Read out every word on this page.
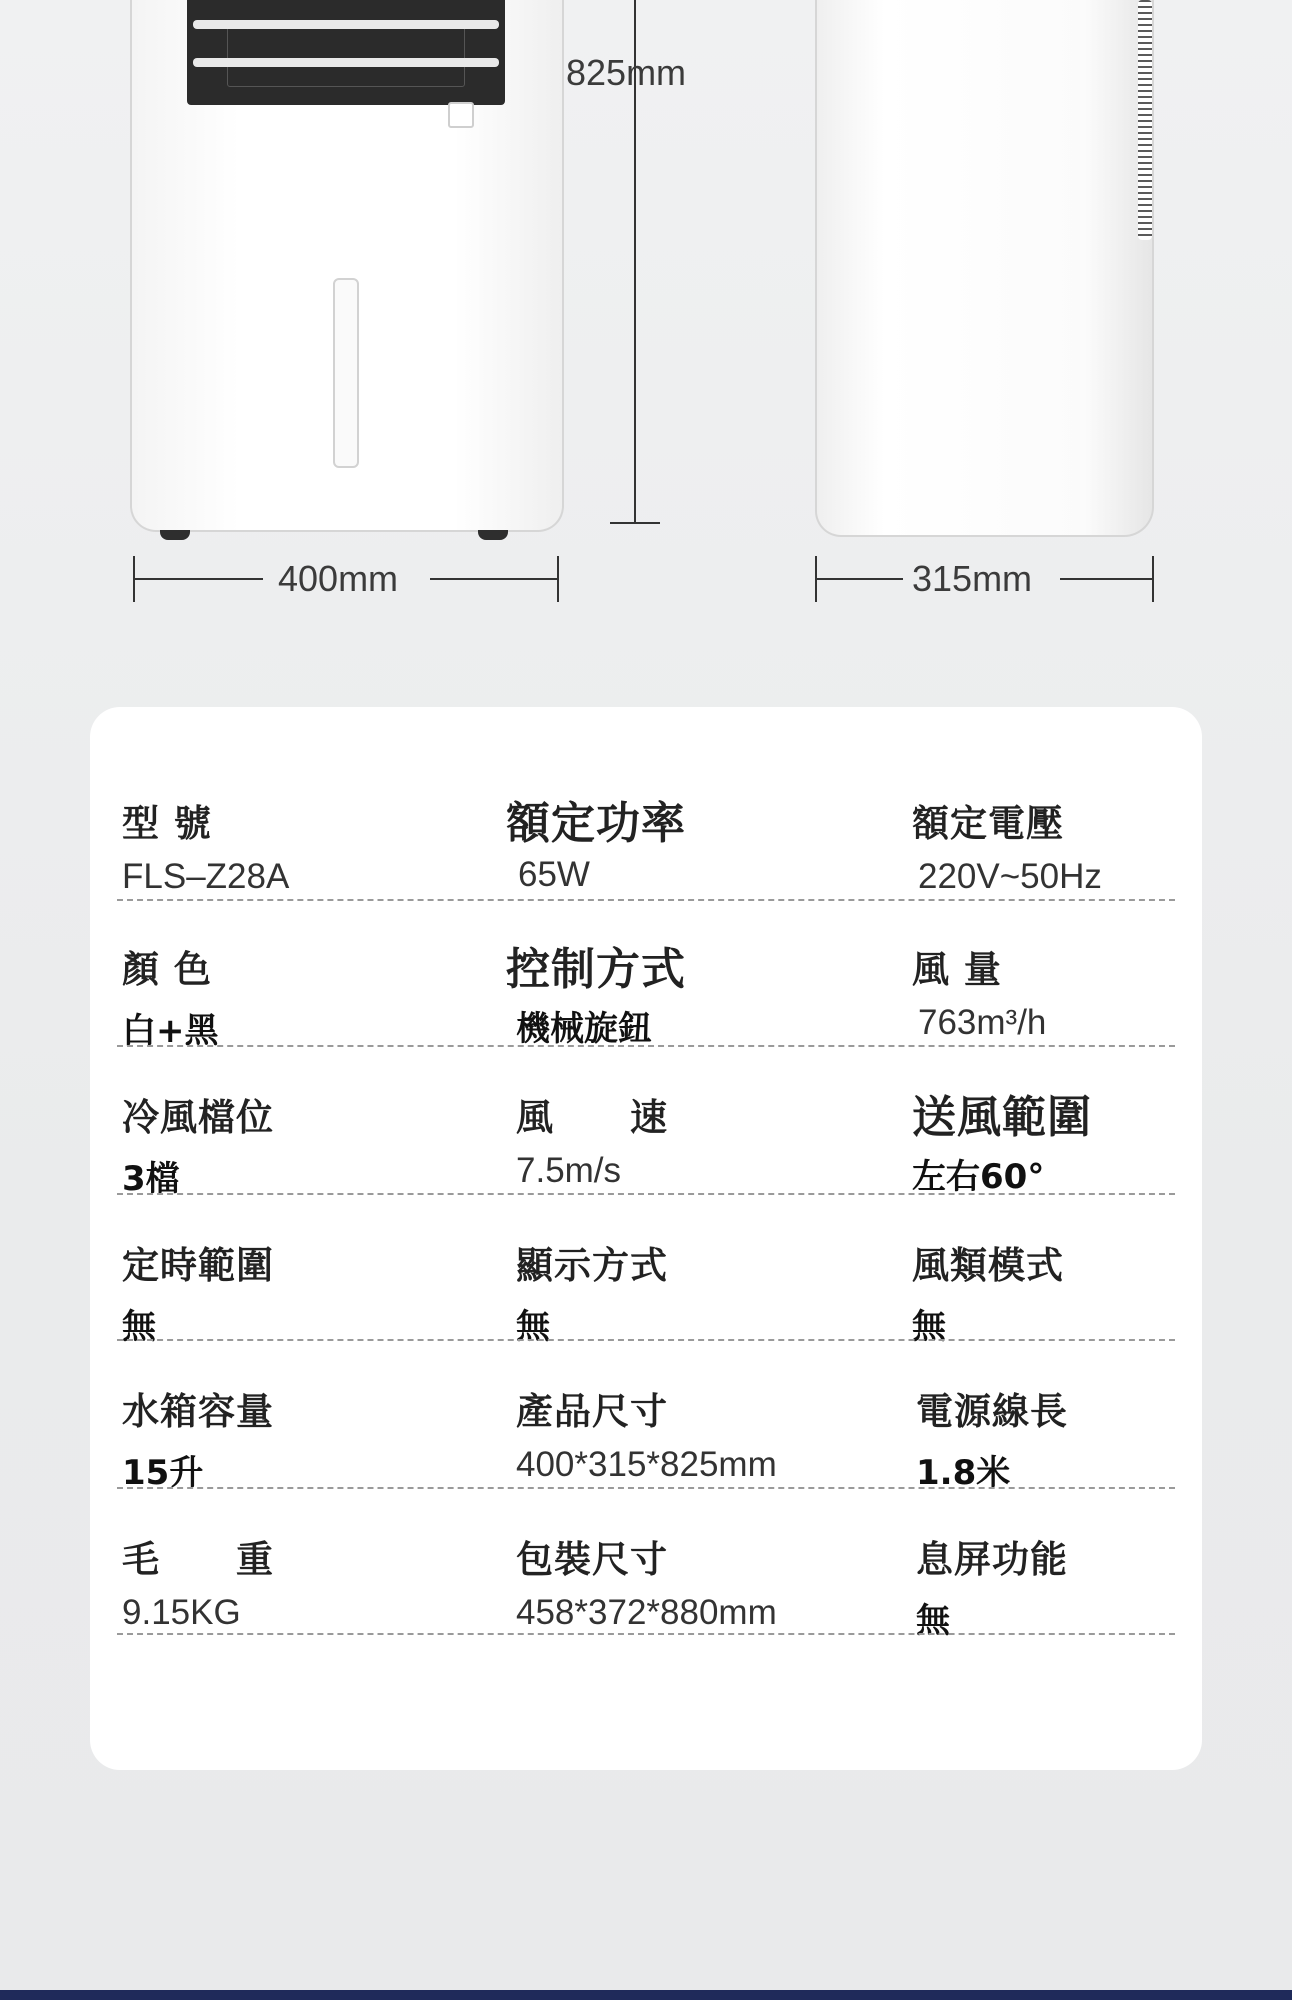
825mm
400mm	315mm
型 號
FLS–Z28A
額定功率
65W
額定電壓
220V~50Hz
顏 色
白+黑
控制方式
機械旋鈕
風 量
763m³/h
冷風檔位
3檔
風　　速
7.5m/s
送風範圍
左右60°
定時範圍
無
顯示方式
無
風類模式
無
水箱容量
15升
產品尺寸
400*315*825mm
電源線長
1.8米
毛　　重
9.15KG
包裝尺寸
458*372*880mm
息屏功能
無
